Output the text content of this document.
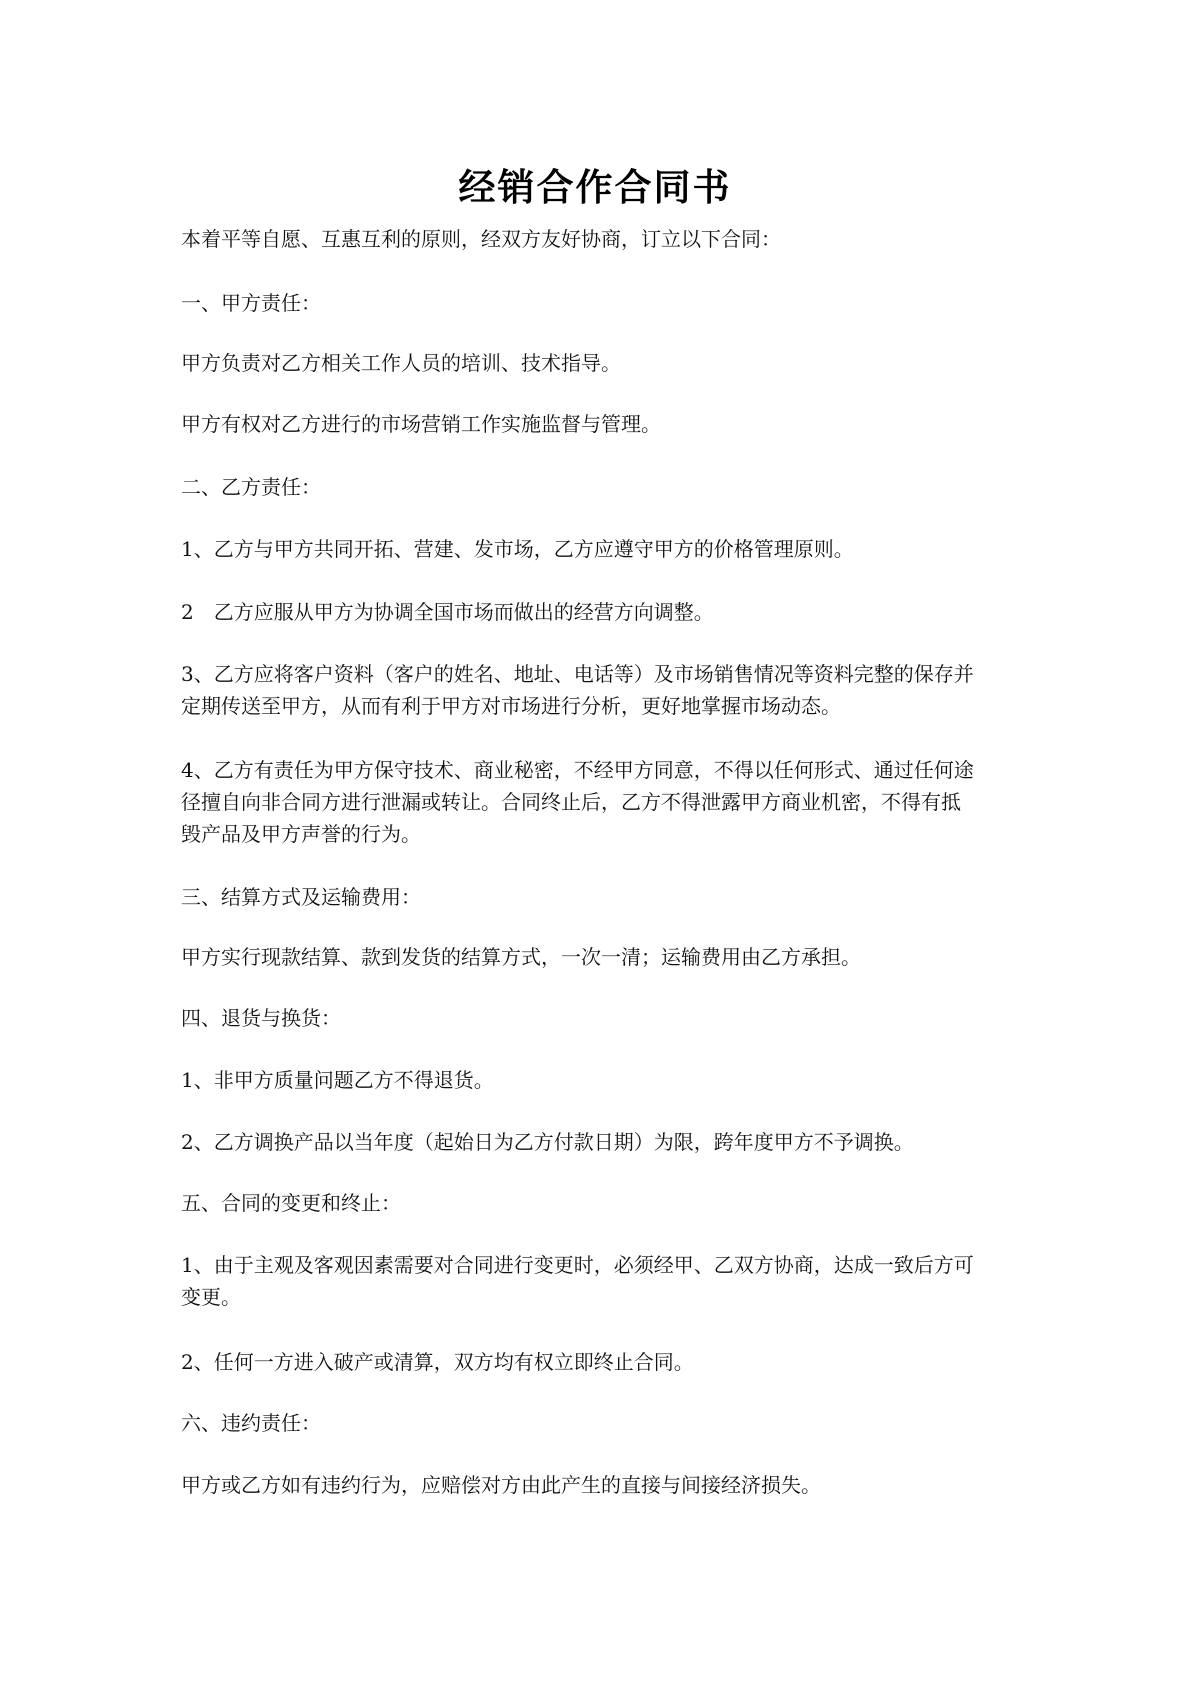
经销合作合同书

本着平等自愿、互惠互利的原则，经双方友好协商，订立以下合同：

一、甲方责任：

甲方负责对乙方相关工作人员的培训、技术指导。

甲方有权对乙方进行的市场营销工作实施监督与管理。

二、乙方责任：

1、乙方与甲方共同开拓、营建、发市场，乙方应遵守甲方的价格管理原则。

2　乙方应服从甲方为协调全国市场而做出的经营方向调整。

3、乙方应将客户资料（客户的姓名、地址、电话等）及市场销售情况等资料完整的保存并

定期传送至甲方，从而有利于甲方对市场进行分析，更好地掌握市场动态。

4、乙方有责任为甲方保守技术、商业秘密，不经甲方同意，不得以任何形式、通过任何途

径擅自向非合同方进行泄漏或转让。合同终止后，乙方不得泄露甲方商业机密，不得有抵

毁产品及甲方声誉的行为。

三、结算方式及运输费用：

甲方实行现款结算、款到发货的结算方式，一次一清；运输费用由乙方承担。

四、退货与换货：

1、非甲方质量问题乙方不得退货。

2、乙方调换产品以当年度（起始日为乙方付款日期）为限，跨年度甲方不予调换。

五、合同的变更和终止：

1、由于主观及客观因素需要对合同进行变更时，必须经甲、乙双方协商，达成一致后方可

变更。

2、任何一方进入破产或清算，双方均有权立即终止合同。

六、违约责任：

甲方或乙方如有违约行为，应赔偿对方由此产生的直接与间接经济损失。
